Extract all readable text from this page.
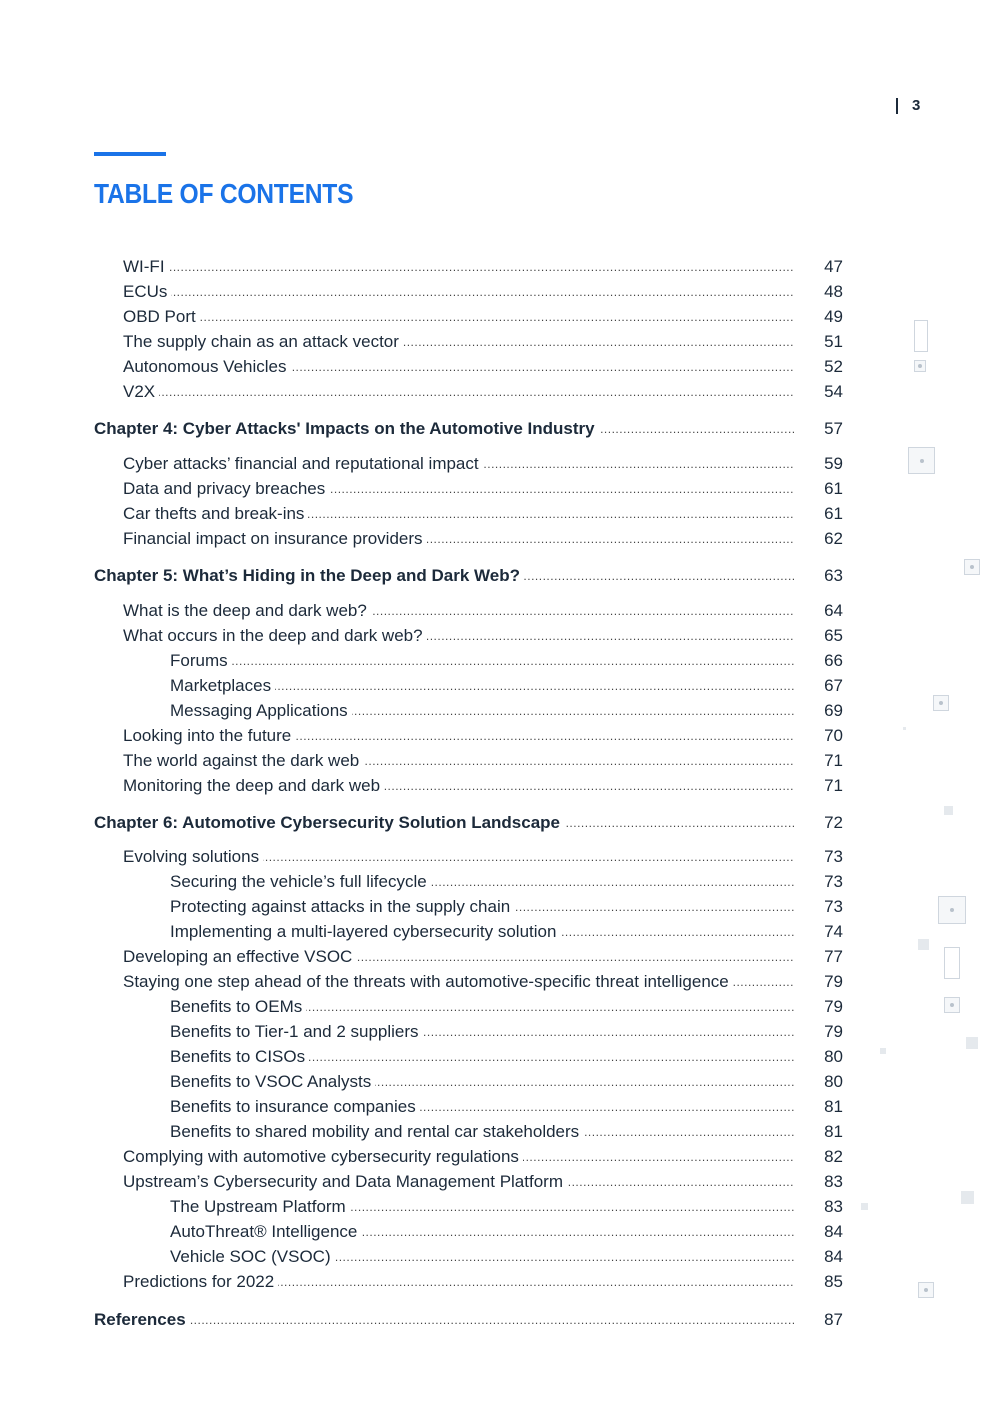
3
TABLE OF CONTENTS
.....
WI-FI	47
.....
ECUs	48
.....
OBD Port	49
.....
The supply chain as an attack vector	51
.....
Autonomous Vehicles	52
.....
V2X	54
.....
Chapter 4: Cyber Attacks' Impacts on the Automotive Industry	57
.....
Cyber attacks’ financial and reputational impact	59
.....
Data and privacy breaches	61
.....
Car thefts and break-ins	61
.....
Financial impact on insurance providers	62
.....
Chapter 5: What’s Hiding in the Deep and Dark Web?	63
.....
What is the deep and dark web?	64
.....
What occurs in the deep and dark web?	65
.....
Forums	66
.....
Marketplaces	67
.....
Messaging Applications	69
.....
Looking into the future	70
.....
The world against the dark web	71
.....
Monitoring the deep and dark web	71
.....
Chapter 6: Automotive Cybersecurity Solution Landscape	72
.....
Evolving solutions	73
.....
Securing the vehicle’s full lifecycle	73
.....
Protecting against attacks in the supply chain	73
.....
Implementing a multi-layered cybersecurity solution	74
.....
Developing an effective VSOC	77
.....
Staying one step ahead of the threats with automotive-specific threat intelligence	79
.....
Benefits to OEMs	79
.....
Benefits to Tier-1 and 2 suppliers	79
.....
Benefits to CISOs	80
.....
Benefits to VSOC Analysts	80
.....
Benefits to insurance companies	81
.....
Benefits to shared mobility and rental car stakeholders	81
.....
Complying with automotive cybersecurity regulations	82
.....
Upstream’s Cybersecurity and Data Management Platform	83
.....
The Upstream Platform	83
.....
AutoThreat® Intelligence	84
.....
Vehicle SOC (VSOC)	84
.....
Predictions for 2022	85
.....
References	87
